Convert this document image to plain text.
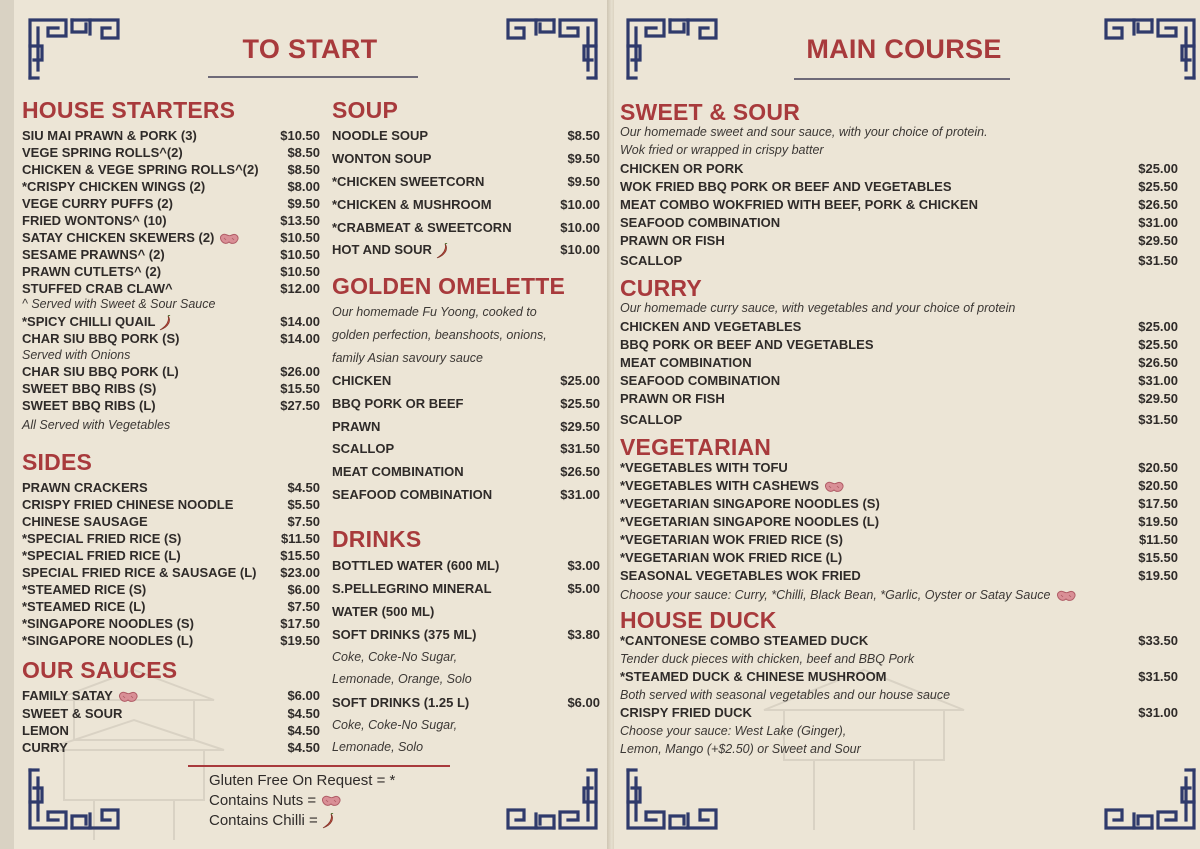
TO START
HOUSE STARTERS
SIU MAI PRAWN & PORK (3)	$10.50
VEGE SPRING ROLLS^(2)	$8.50
CHICKEN & VEGE SPRING ROLLS^(2) $8.50
*CRISPY CHICKEN WINGS (2)	$8.00
VEGE CURRY PUFFS (2)	$9.50
FRIED WONTONS^ (10)	$13.50
SATAY CHICKEN SKEWERS (2)	$10.50
SESAME PRAWNS^ (2)	$10.50
PRAWN CUTLETS^ (2)	$10.50
STUFFED CRAB CLAW^	$12.00
^ Served with Sweet & Sour Sauce
*SPICY CHILLI QUAIL	$14.00
CHAR SIU BBQ PORK (S)	$14.00
Served with Onions
CHAR SIU BBQ PORK (L)	$26.00
SWEET BBQ RIBS (S)	$15.50
SWEET BBQ RIBS (L)	$27.50
All Served with Vegetables
SIDES
PRAWN CRACKERS	$4.50
CRISPY FRIED CHINESE NOODLE	$5.50
CHINESE SAUSAGE	$7.50
*SPECIAL FRIED RICE (S)	$11.50
*SPECIAL FRIED RICE (L)	$15.50
SPECIAL FRIED RICE & SAUSAGE (L) $23.00
*STEAMED RICE (S)	$6.00
*STEAMED RICE (L)	$7.50
*SINGAPORE NOODLES (S)	$17.50
*SINGAPORE NOODLES (L)	$19.50
OUR SAUCES
FAMILY SATAY	$6.00
SWEET & SOUR	$4.50
LEMON	$4.50
CURRY	$4.50
SOUP
NOODLE SOUP	$8.50
WONTON SOUP	$9.50
*CHICKEN SWEETCORN	$9.50
*CHICKEN & MUSHROOM	$10.00
*CRABMEAT & SWEETCORN	$10.00
HOT AND SOUR	$10.00
GOLDEN OMELETTE
Our homemade Fu Yoong, cooked to
golden perfection, beanshoots, onions,
family Asian savoury sauce
CHICKEN	$25.00
BBQ PORK OR BEEF	$25.50
PRAWN	$29.50
SCALLOP	$31.50
MEAT COMBINATION	$26.50
SEAFOOD COMBINATION	$31.00
DRINKS
BOTTLED WATER (600 ML)	$3.00
S.PELLEGRINO MINERAL	$5.00
WATER (500 ML)
SOFT DRINKS (375 ML)	$3.80
Coke, Coke-No Sugar,
Lemonade, Orange, Solo
SOFT DRINKS (1.25 L)	$6.00
Coke, Coke-No Sugar,
Lemonade, Solo
Gluten Free On Request = *
Contains Nuts =
Contains Chilli =
MAIN COURSE
SWEET & SOUR
Our homemade sweet and sour sauce, with your choice of protein.
Wok fried or wrapped in crispy batter
CHICKEN OR PORK	$25.00
WOK FRIED BBQ PORK OR BEEF AND VEGETABLES	$25.50
MEAT COMBO WOKFRIED WITH BEEF, PORK & CHICKEN	$26.50
SEAFOOD COMBINATION	$31.00
PRAWN OR FISH	$29.50
SCALLOP	$31.50
CURRY
Our homemade curry sauce, with vegetables and your choice of protein
CHICKEN AND VEGETABLES	$25.00
BBQ PORK OR BEEF AND VEGETABLES	$25.50
MEAT COMBINATION	$26.50
SEAFOOD COMBINATION	$31.00
PRAWN OR FISH	$29.50
SCALLOP	$31.50
VEGETARIAN
*VEGETABLES WITH TOFU	$20.50
*VEGETABLES WITH CASHEWS	$20.50
*VEGETARIAN SINGAPORE NOODLES (S)	$17.50
*VEGETARIAN SINGAPORE NOODLES (L)	$19.50
*VEGETARIAN WOK FRIED RICE (S)	$11.50
*VEGETARIAN WOK FRIED RICE (L)	$15.50
SEASONAL VEGETABLES WOK FRIED	$19.50
Choose your sauce: Curry, *Chilli, Black Bean, *Garlic, Oyster or Satay Sauce
HOUSE DUCK
*CANTONESE COMBO STEAMED DUCK	$33.50
Tender duck pieces with chicken, beef and BBQ Pork
*STEAMED DUCK & CHINESE MUSHROOM	$31.50
Both served with seasonal vegetables and our house sauce
CRISPY FRIED DUCK	$31.00
Choose your sauce: West Lake (Ginger),
Lemon, Mango (+$2.50) or Sweet and Sour
